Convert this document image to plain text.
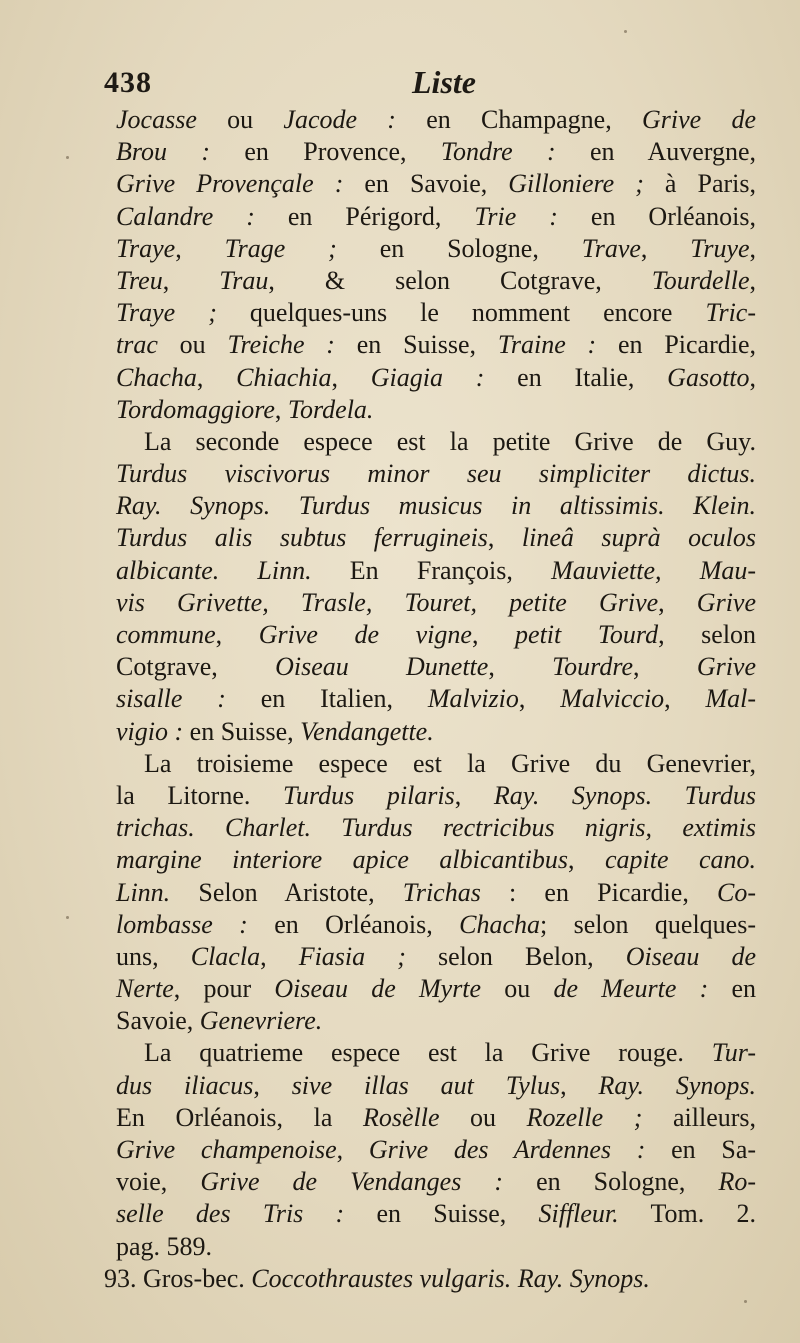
438	Liste
Jocasse ou Jacode : en Champagne, Grive de
Brou : en Provence, Tondre : en Auvergne,
Grive Provençale : en Savoie, Gilloniere ; à Paris,
Calandre : en Périgord, Trie : en Orléanois,
Traye, Trage ; en Sologne, Trave, Truye,
Treu, Trau, & selon Cotgrave, Tourdelle,
Traye ; quelques-uns le nomment encore Tric-
trac ou Treiche : en Suisse, Traine : en Picardie,
Chacha, Chiachia, Giagia : en Italie, Gasotto,
Tordomaggiore, Tordela.
La seconde espece est la petite Grive de Guy.
Turdus viscivorus minor seu simpliciter dictus.
Ray. Synops. Turdus musicus in altissimis. Klein.
Turdus alis subtus ferrugineis, lineâ suprà oculos
albicante. Linn. En François, Mauviette, Mau-
vis Grivette, Trasle, Touret, petite Grive, Grive
commune, Grive de vigne, petit Tourd, selon
Cotgrave, Oiseau Dunette, Tourdre, Grive
sisalle : en Italien, Malvizio, Malviccio, Mal-
vigio : en Suisse, Vendangette.
La troisieme espece est la Grive du Genevrier,
la Litorne. Turdus pilaris, Ray. Synops. Turdus
trichas. Charlet. Turdus rectricibus nigris, extimis
margine interiore apice albicantibus, capite cano.
Linn. Selon Aristote, Trichas : en Picardie, Co-
lombasse : en Orléanois, Chacha; selon quelques-
uns, Clacla, Fiasia ; selon Belon, Oiseau de
Nerte, pour Oiseau de Myrte ou de Meurte : en
Savoie, Genevriere.
La quatrieme espece est la Grive rouge. Tur-
dus iliacus, sive illas aut Tylus, Ray. Synops.
En Orléanois, la Rosèlle ou Rozelle ; ailleurs,
Grive champenoise, Grive des Ardennes : en Sa-
voie, Grive de Vendanges : en Sologne, Ro-
selle des Tris : en Suisse, Siffleur. Tom. 2.
pag. 589.
93. Gros-bec. Coccothraustes vulgaris. Ray. Synops.
